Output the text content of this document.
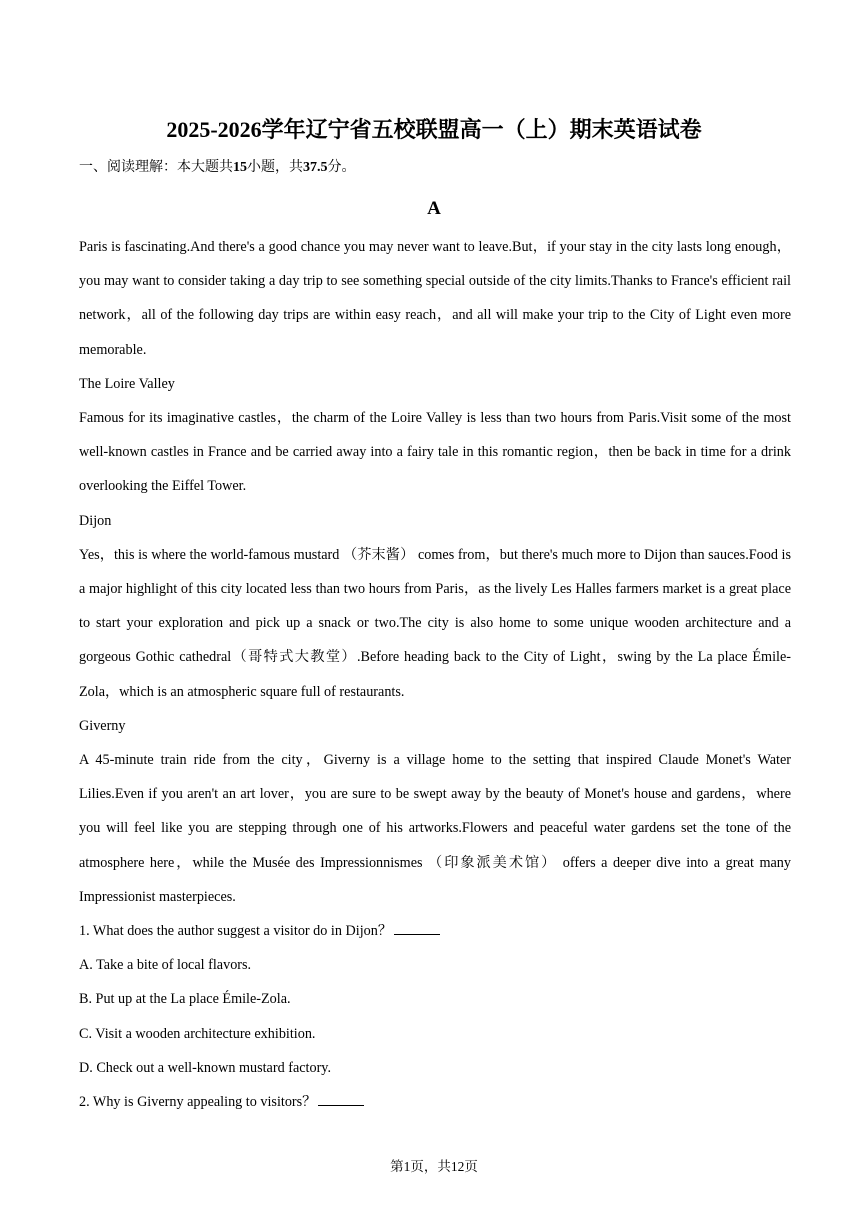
2025-2026学年辽宁省五校联盟高一（上）期末英语试卷
一、阅读理解：本大题共15小题，共37.5分。
A

Paris is fascinating.And there's a good chance you may never want to leave.But，if your stay in the city lasts long enough，you may want to consider taking a day trip to see something special outside of the city limits.Thanks to France's efficient rail network，all of the following day trips are within easy reach，and all will make your trip to the City of Light even more memorable.

The Loire Valley

Famous for its imaginative castles，the charm of the Loire Valley is less than two hours from Paris.Visit some of the most well-known castles in France and be carried away into a fairy tale in this romantic region，then be back in time for a drink overlooking the Eiffel Tower.

Dijon

Yes，this is where the world-famous mustard （芥末酱） comes from，but there's much more to Dijon than sauces.Food is a major highlight of this city located less than two hours from Paris，as the lively Les Halles farmers market is a great place to start your exploration and pick up a snack or two.The city is also home to some unique wooden architecture and a gorgeous Gothic cathedral（哥特式大教堂）.Before heading back to the City of Light，swing by the La place Émile-Zola，which is an atmospheric square full of restaurants.

Giverny

A 45-minute train ride from the city，Giverny is a village home to the setting that inspired Claude Monet's Water Lilies.Even if you aren't an art lover，you are sure to be swept away by the beauty of Monet's house and gardens，where you will feel like you are stepping through one of his artworks.Flowers and peaceful water gardens set the tone of the atmosphere here，while the Musée des Impressionnismes （印象派美术馆） offers a deeper dive into a great many Impressionist masterpieces.

1. What does the author suggest a visitor do in Dijon？

A. Take a bite of local flavors.

B. Put up at the La place Émile-Zola.

C. Visit a wooden architecture exhibition.

D. Check out a well-known mustard factory.

2. Why is Giverny appealing to visitors？

第1页，共12页
